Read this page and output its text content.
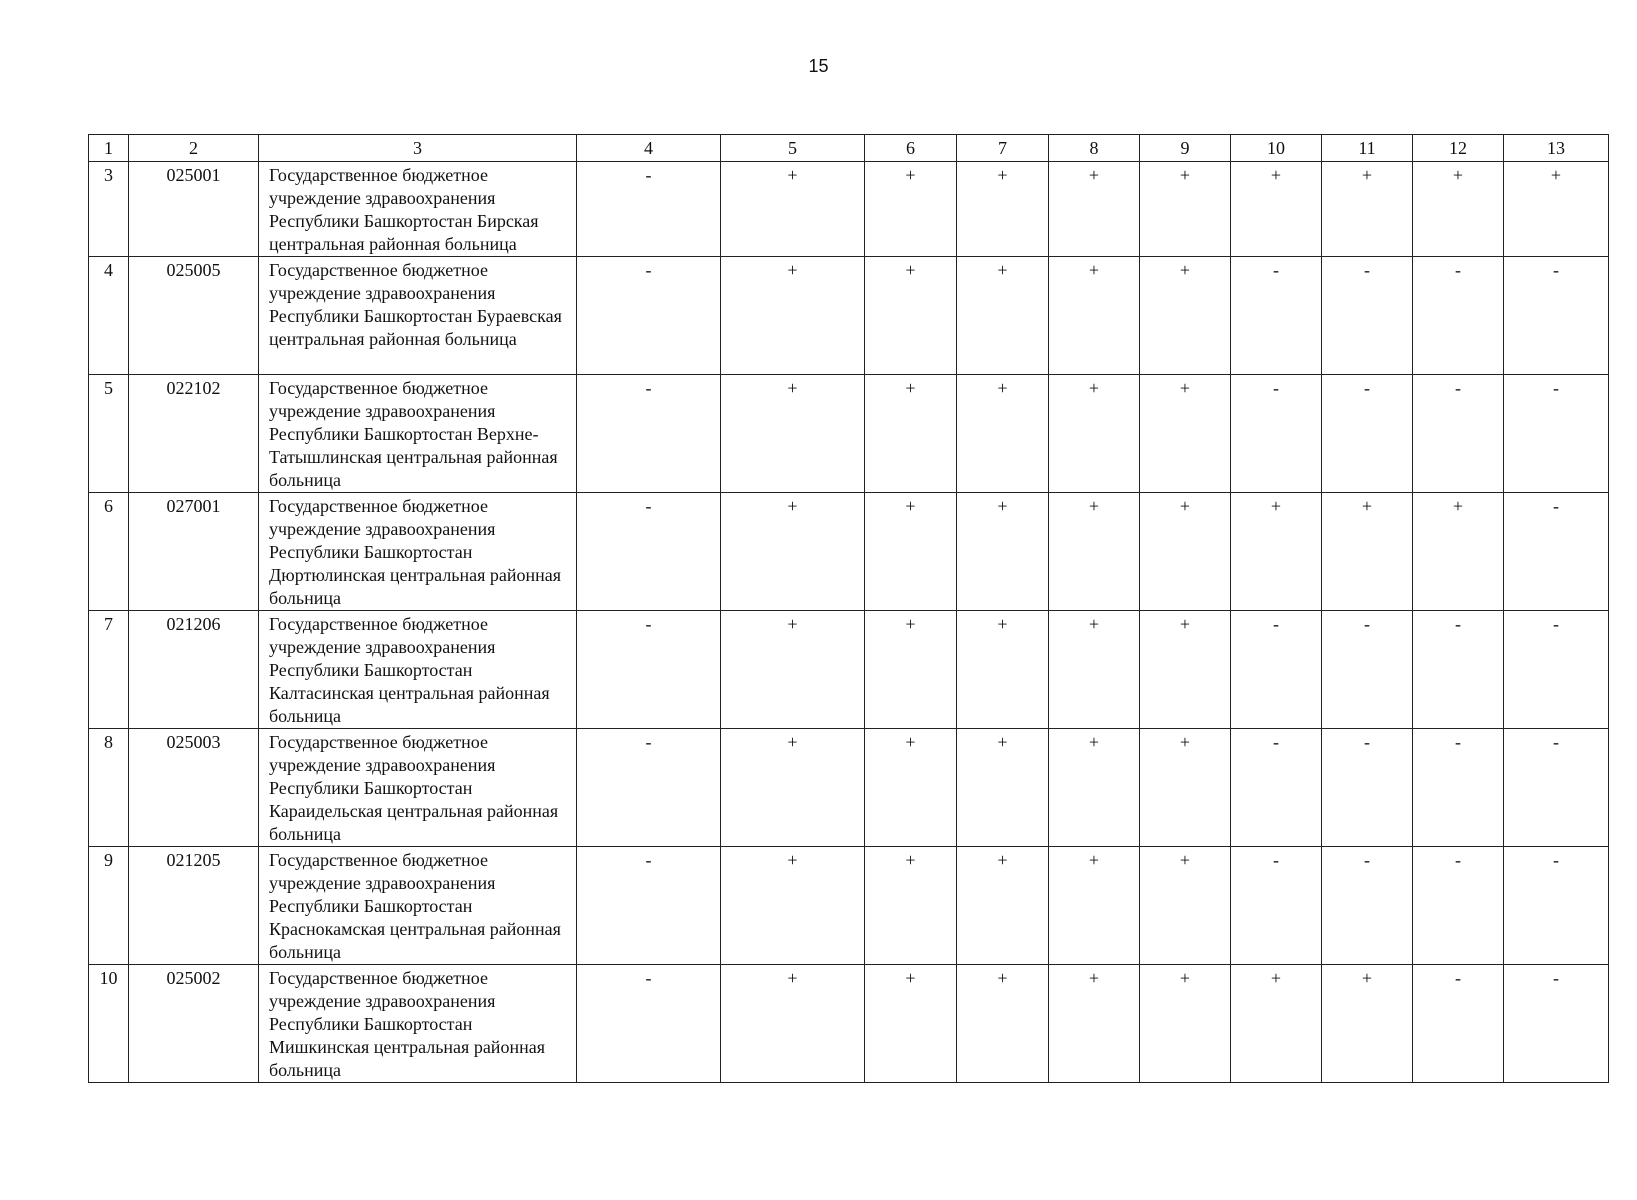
15
1	2	3	4	5	6	7	8	9	10	11	12	13
3	025001	Государственное бюджетное учреждение здравоохранения Республики Башкортостан Бирская центральная районная больница	-	+	+	+	+	+	+	+	+	+
4	025005	Государственное бюджетное учреждение здравоохранения Республики Башкортостан Бураевская центральная районная больница	-	+	+	+	+	+	-	-	-	-
5	022102	Государственное бюджетное учреждение здравоохранения Республики Башкортостан Верхне-Татышлинская центральная районная больница	-	+	+	+	+	+	-	-	-	-
6	027001	Государственное бюджетное учреждение здравоохранения Республики Башкортостан Дюртюлинская центральная районная больница	-	+	+	+	+	+	+	+	+	-
7	021206	Государственное бюджетное учреждение здравоохранения Республики Башкортостан Калтасинская центральная районная больница	-	+	+	+	+	+	-	-	-	-
8	025003	Государственное бюджетное учреждение здравоохранения Республики Башкортостан Караидельская центральная районная больница	-	+	+	+	+	+	-	-	-	-
9	021205	Государственное бюджетное учреждение здравоохранения Республики Башкортостан Краснокамская центральная районная больница	-	+	+	+	+	+	-	-	-	-
10	025002	Государственное бюджетное учреждение здравоохранения Республики Башкортостан Мишкинская центральная районная больница	-	+	+	+	+	+	+	+	-	-
